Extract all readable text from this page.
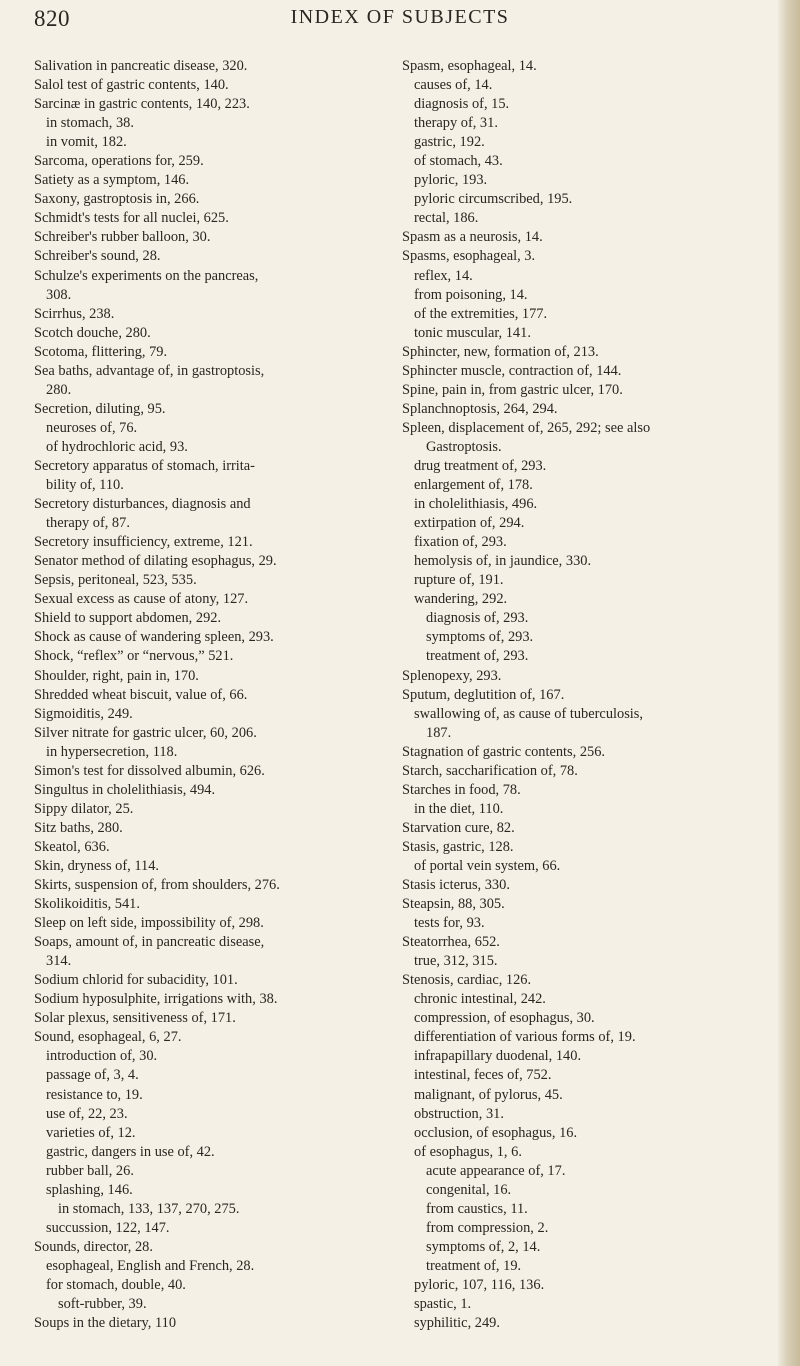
820	INDEX OF SUBJECTS

Salivation in pancreatic disease, 320.

Salol test of gastric contents, 140.

Sarcinæ in gastric contents, 140, 223.

in stomach, 38.

in vomit, 182.

Sarcoma, operations for, 259.

Satiety as a symptom, 146.

Saxony, gastroptosis in, 266.

Schmidt's tests for all nuclei, 625.

Schreiber's rubber balloon, 30.

Schreiber's sound, 28.

Schulze's experiments on the pancreas,

308.

Scirrhus, 238.

Scotch douche, 280.

Scotoma, flittering, 79.

Sea baths, advantage of, in gastroptosis,

280.

Secretion, diluting, 95.

neuroses of, 76.

of hydrochloric acid, 93.

Secretory apparatus of stomach, irrita-

bility of, 110.

Secretory disturbances, diagnosis and

therapy of, 87.

Secretory insufficiency, extreme, 121.

Senator method of dilating esophagus, 29.

Sepsis, peritoneal, 523, 535.

Sexual excess as cause of atony, 127.

Shield to support abdomen, 292.

Shock as cause of wandering spleen, 293.

Shock, “reflex” or “nervous,” 521.

Shoulder, right, pain in, 170.

Shredded wheat biscuit, value of, 66.

Sigmoiditis, 249.

Silver nitrate for gastric ulcer, 60, 206.

in hypersecretion, 118.

Simon's test for dissolved albumin, 626.

Singultus in cholelithiasis, 494.

Sippy dilator, 25.

Sitz baths, 280.

Skeatol, 636.

Skin, dryness of, 114.

Skirts, suspension of, from shoulders, 276.

Skolikoiditis, 541.

Sleep on left side, impossibility of, 298.

Soaps, amount of, in pancreatic disease,

314.

Sodium chlorid for subacidity, 101.

Sodium hyposulphite, irrigations with, 38.

Solar plexus, sensitiveness of, 171.

Sound, esophageal, 6, 27.

introduction of, 30.

passage of, 3, 4.

resistance to, 19.

use of, 22, 23.

varieties of, 12.

gastric, dangers in use of, 42.

rubber ball, 26.

splashing, 146.

in stomach, 133, 137, 270, 275.

succussion, 122, 147.

Sounds, director, 28.

esophageal, English and French, 28.

for stomach, double, 40.

soft-rubber, 39.

Soups in the dietary, 110

Spasm, esophageal, 14.

causes of, 14.

diagnosis of, 15.

therapy of, 31.

gastric, 192.

of stomach, 43.

pyloric, 193.

pyloric circumscribed, 195.

rectal, 186.

Spasm as a neurosis, 14.

Spasms, esophageal, 3.

reflex, 14.

from poisoning, 14.

of the extremities, 177.

tonic muscular, 141.

Sphincter, new, formation of, 213.

Sphincter muscle, contraction of, 144.

Spine, pain in, from gastric ulcer, 170.

Splanchnoptosis, 264, 294.

Spleen, displacement of, 265, 292; see also

Gastroptosis.

drug treatment of, 293.

enlargement of, 178.

in cholelithiasis, 496.

extirpation of, 294.

fixation of, 293.

hemolysis of, in jaundice, 330.

rupture of, 191.

wandering, 292.

diagnosis of, 293.

symptoms of, 293.

treatment of, 293.

Splenopexy, 293.

Sputum, deglutition of, 167.

swallowing of, as cause of tuberculosis,

187.

Stagnation of gastric contents, 256.

Starch, saccharification of, 78.

Starches in food, 78.

in the diet, 110.

Starvation cure, 82.

Stasis, gastric, 128.

of portal vein system, 66.

Stasis icterus, 330.

Steapsin, 88, 305.

tests for, 93.

Steatorrhea, 652.

true, 312, 315.

Stenosis, cardiac, 126.

chronic intestinal, 242.

compression, of esophagus, 30.

differentiation of various forms of, 19.

infrapapillary duodenal, 140.

intestinal, feces of, 752.

malignant, of pylorus, 45.

obstruction, 31.

occlusion, of esophagus, 16.

of esophagus, 1, 6.

acute appearance of, 17.

congenital, 16.

from caustics, 11.

from compression, 2.

symptoms of, 2, 14.

treatment of, 19.

pyloric, 107, 116, 136.

spastic, 1.

syphilitic, 249.
